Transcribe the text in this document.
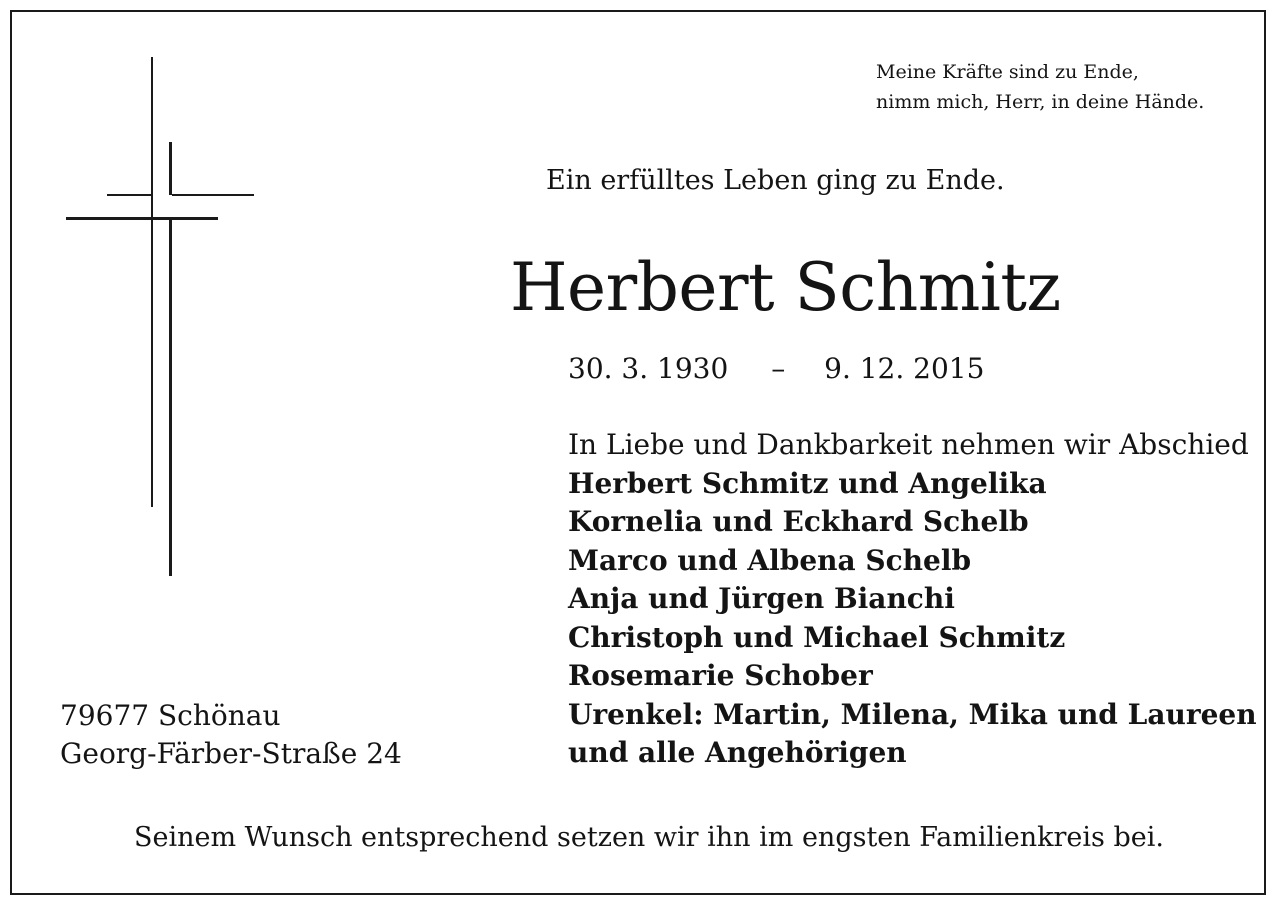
Meine Kräfte sind zu Ende,
nimm mich, Herr, in deine Hände.
Ein erfülltes Leben ging zu Ende.
Herbert Schmitz
30. 3. 1930 – 9. 12. 2015
In Liebe und Dankbarkeit nehmen wir Abschied
Herbert Schmitz und Angelika
Kornelia und Eckhard Schelb
Marco und Albena Schelb
Anja und Jürgen Bianchi
Christoph und Michael Schmitz
Rosemarie Schober
Urenkel: Martin, Milena, Mika und Laureen
und alle Angehörigen
79677 Schönau
Georg-Färber-Straße 24
Seinem Wunsch entsprechend setzen wir ihn im engsten Familienkreis bei.
